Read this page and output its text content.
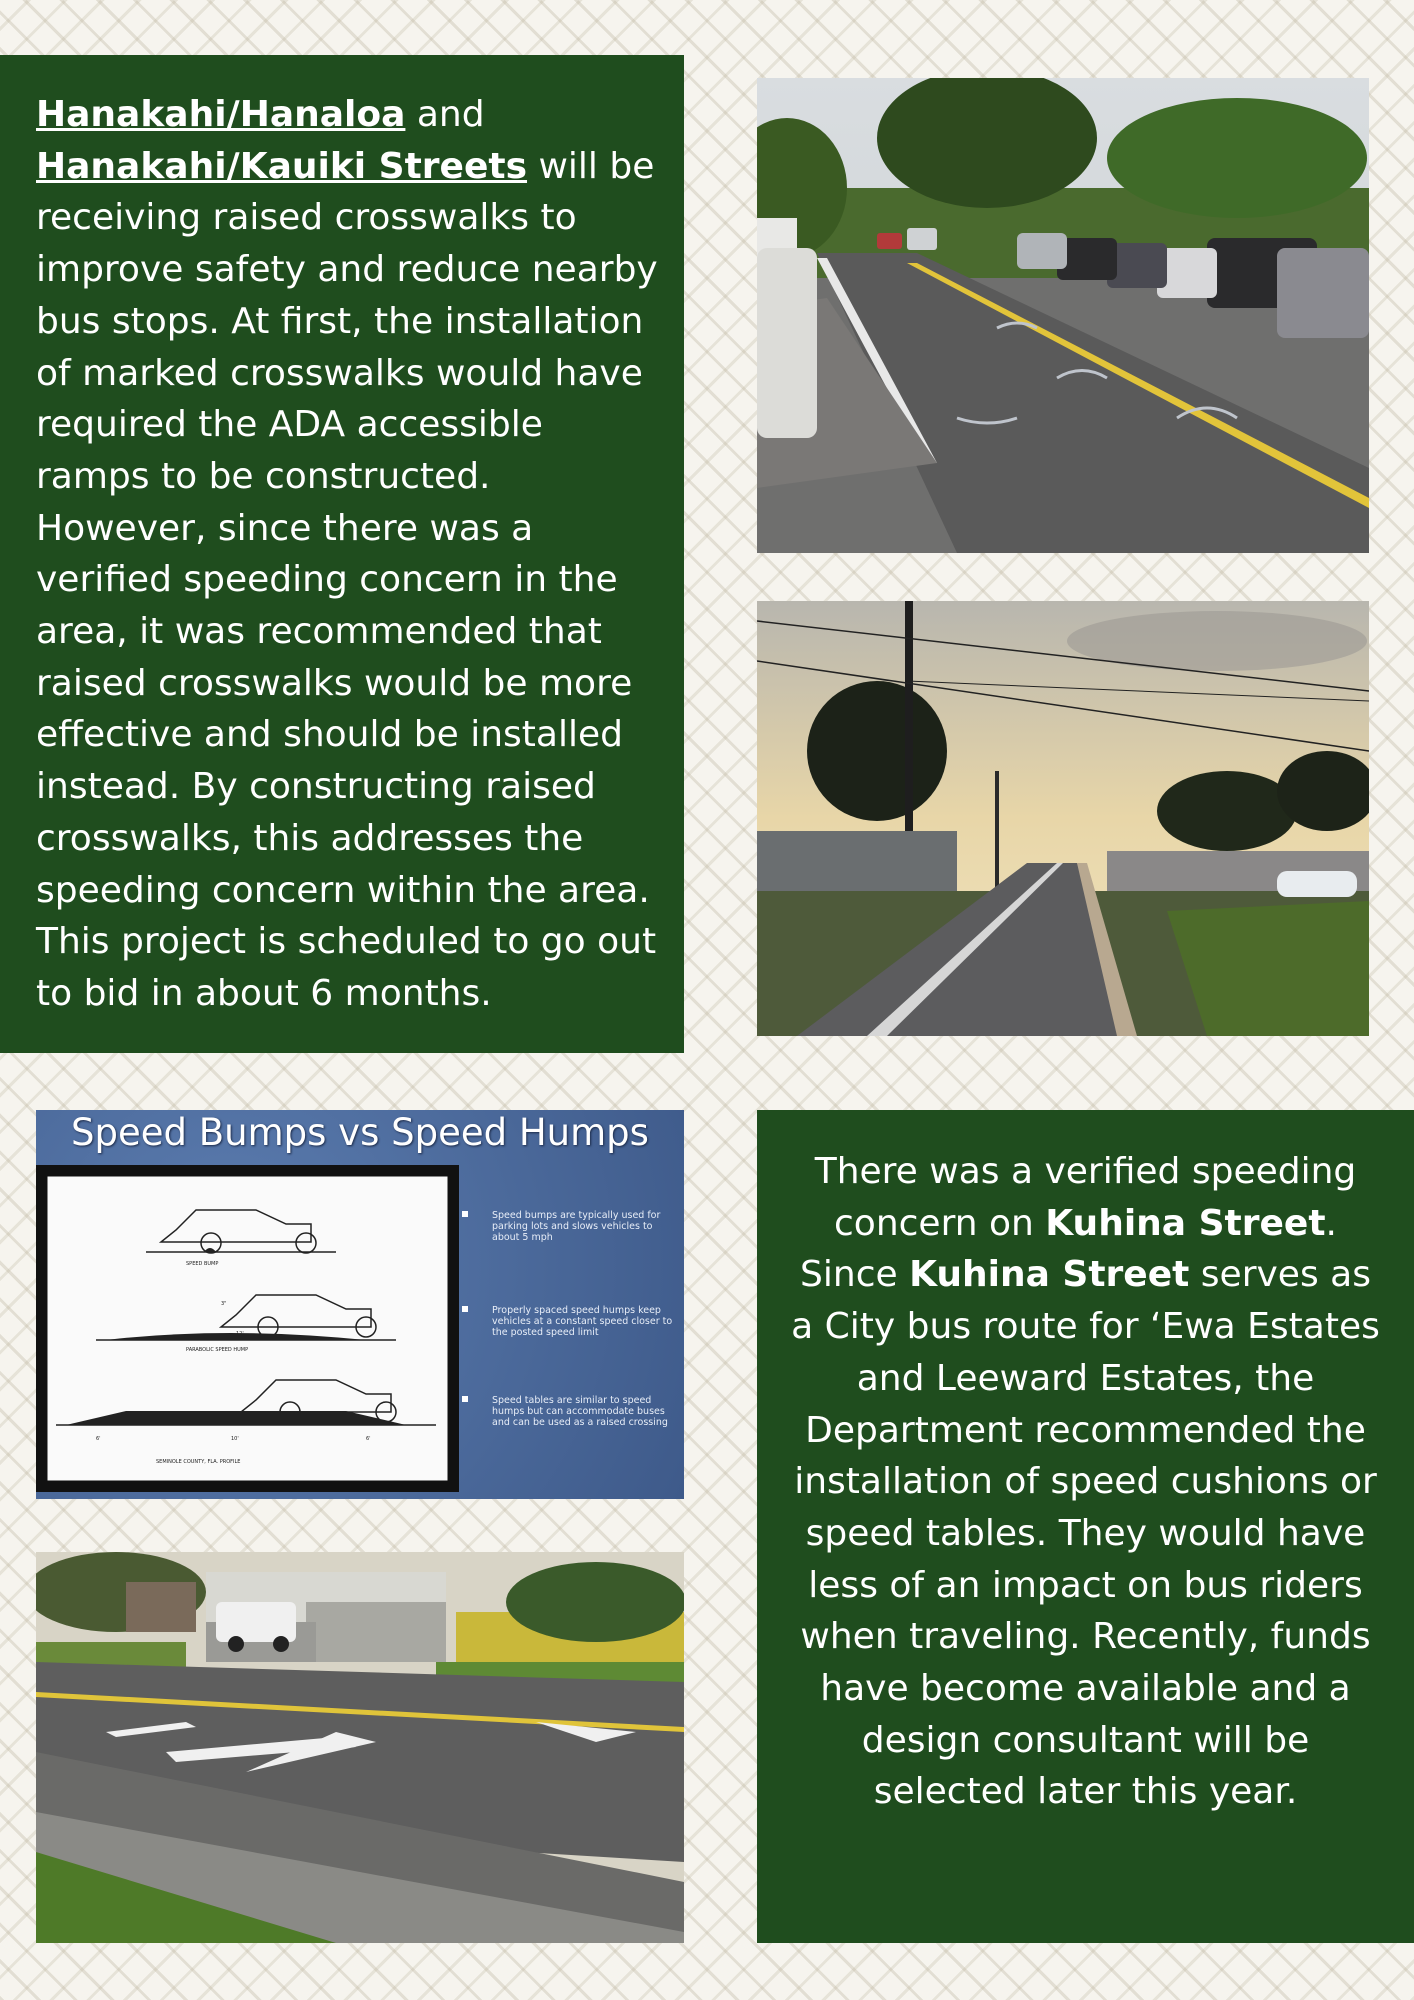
Hanakahi/Hanaloa and
Hanakahi/Kauiki Streets will be receiving raised crosswalks to improve safety and reduce nearby bus stops. At first, the installation of marked crosswalks would have required the ADA accessible ramps to be constructed. However, since there was a verified speeding concern in the area, it was recommended that raised crosswalks would be more effective and should be installed instead. By constructing raised crosswalks, this addresses the speeding concern within the area. This project is scheduled to go out to bid in about 6 months.

Speed Bumps vs Speed Humps
SPEED BUMP
12'
3"
PARABOLIC SPEED HUMP
6'	10'	6'
SEMINOLE COUNTY, FLA. PROFILE
Speed bumps are typically used for parking lots and slows vehicles to about 5 mph
Properly spaced speed humps keep vehicles at a constant speed closer to the posted speed limit
Speed tables are similar to speed humps but can accommodate buses and can be used as a raised crossing

There was a verified speeding concern on Kuhina Street. Since Kuhina Street serves as a City bus route for ‘Ewa Estates and Leeward Estates, the Department recommended the installation of speed cushions or speed tables. They would have less of an impact on bus riders when traveling. Recently, funds have become available and a design consultant will be selected later this year.
